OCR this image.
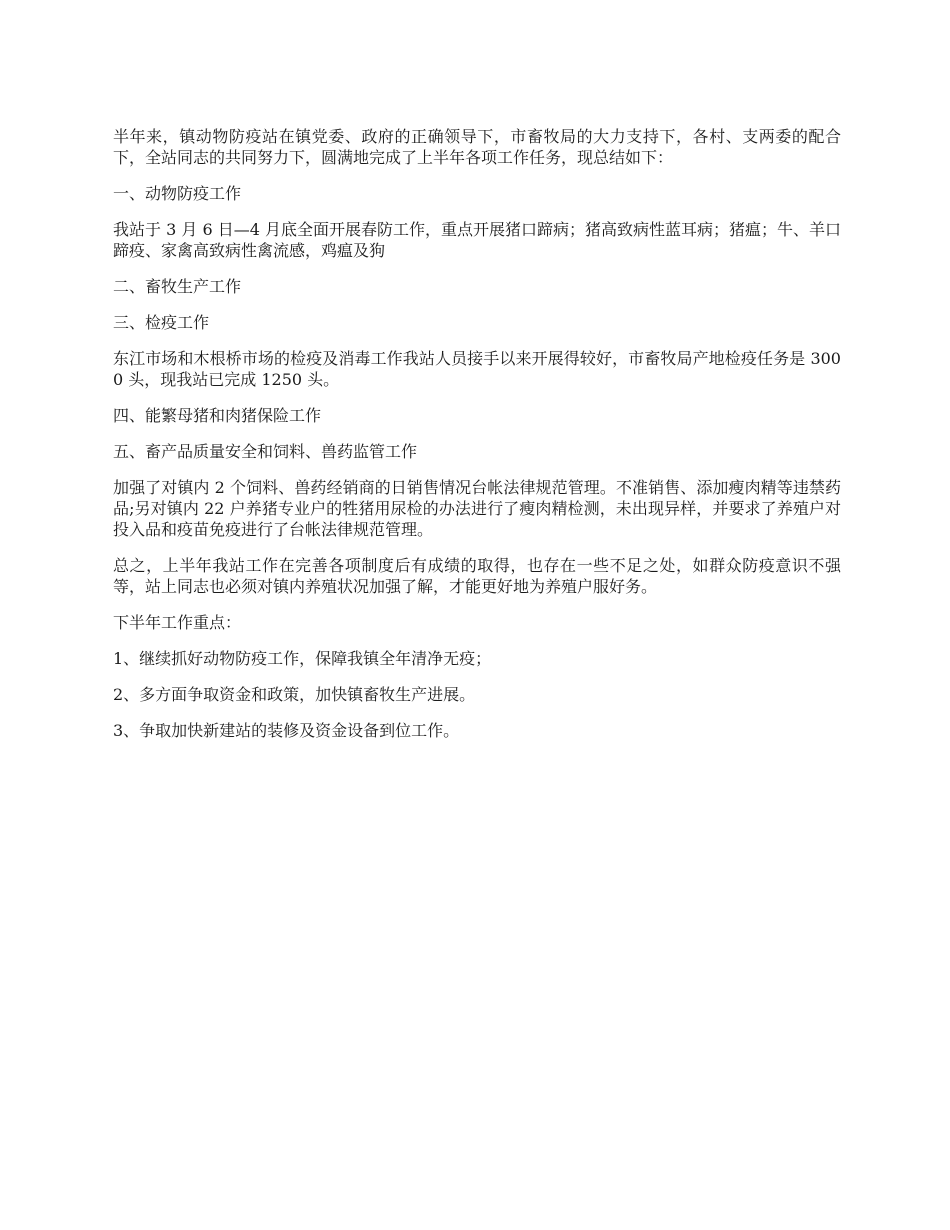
半年来，镇动物防疫站在镇党委、政府的正确领导下，市畜牧局的大力支持下，各村、支两委的配合下，全站同志的共同努力下，圆满地完成了上半年各项工作任务，现总结如下：

一、动物防疫工作

我站于 3 月 6 日—4 月底全面开展春防工作，重点开展猪口蹄病；猪高致病性蓝耳病；猪瘟；牛、羊口蹄疫、家禽高致病性禽流感，鸡瘟及狗

二、畜牧生产工作

三、检疫工作

东江市场和木根桥市场的检疫及消毒工作我站人员接手以来开展得较好，市畜牧局产地检疫任务是 3000 头，现我站已完成 1250 头。

四、能繁母猪和肉猪保险工作

五、畜产品质量安全和饲料、兽药监管工作

加强了对镇内 2 个饲料、兽药经销商的日销售情况台帐法律规范管理。不准销售、添加瘦肉精等违禁药品;另对镇内 22 户养猪专业户的牲猪用尿检的办法进行了瘦肉精检测，未出现异样，并要求了养殖户对投入品和疫苗免疫进行了台帐法律规范管理。

总之，上半年我站工作在完善各项制度后有成绩的取得，也存在一些不足之处，如群众防疫意识不强等，站上同志也必须对镇内养殖状况加强了解，才能更好地为养殖户服好务。

下半年工作重点：

1、继续抓好动物防疫工作，保障我镇全年清净无疫；

2、多方面争取资金和政策，加快镇畜牧生产进展。

3、争取加快新建站的装修及资金设备到位工作。
